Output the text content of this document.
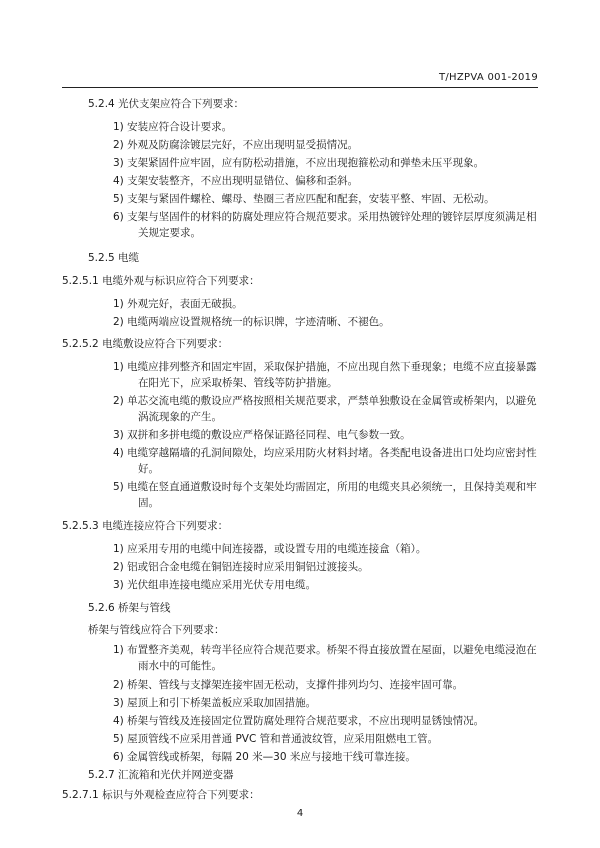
T/HZPVA 001-2019
5.2.4 光伏支架应符合下列要求：
1) 安装应符合设计要求。
2) 外观及防腐涂镀层完好，不应出现明显受损情况。
3) 支架紧固件应牢固，应有防松动措施，不应出现抱箍松动和弹垫未压平现象。
4) 支架安装整齐，不应出现明显错位、偏移和歪斜。
5) 支架与紧固件螺栓、螺母、垫圈三者应匹配和配套，安装平整、牢固、无松动。
6) 支架与坚固件的材料的防腐处理应符合规范要求。采用热镀锌处理的镀锌层厚度须满足相
关规定要求。
5.2.5 电缆
5.2.5.1 电缆外观与标识应符合下列要求：
1) 外观完好，表面无破损。
2) 电缆两端应设置规格统一的标识牌，字迹清晰、不褪色。
5.2.5.2 电缆敷设应符合下列要求：
1) 电缆应排列整齐和固定牢固，采取保护措施，不应出现自然下垂现象；电缆不应直接暴露
在阳光下，应采取桥架、管线等防护措施。
2) 单芯交流电缆的敷设应严格按照相关规范要求，严禁单独敷设在金属管或桥架内，以避免
涡流现象的产生。
3) 双拼和多拼电缆的敷设应严格保证路径同程、电气参数一致。
4) 电缆穿越隔墙的孔洞间隙处，均应采用防火材料封堵。各类配电设备进出口处均应密封性
好。
5) 电缆在竖直通道敷设时每个支架处均需固定，所用的电缆夹具必须统一，且保持美观和牢
固。
5.2.5.3 电缆连接应符合下列要求：
1) 应采用专用的电缆中间连接器，或设置专用的电缆连接盒（箱）。
2) 铝或铝合金电缆在铜铝连接时应采用铜铝过渡接头。
3) 光伏组串连接电缆应采用光伏专用电缆。
5.2.6 桥架与管线
桥架与管线应符合下列要求：
1) 布置整齐美观，转弯半径应符合规范要求。桥架不得直接放置在屋面，以避免电缆浸泡在
雨水中的可能性。
2) 桥架、管线与支撑架连接牢固无松动，支撑件排列均匀、连接牢固可靠。
3) 屋顶上和引下桥架盖板应采取加固措施。
4) 桥架与管线及连接固定位置防腐处理符合规范要求，不应出现明显锈蚀情况。
5) 屋顶管线不应采用普通 PVC 管和普通波纹管，应采用阻燃电工管。
6) 金属管线或桥架，每隔 20 米—30 米应与接地干线可靠连接。
5.2.7 汇流箱和光伏并网逆变器
5.2.7.1 标识与外观检查应符合下列要求：
4
